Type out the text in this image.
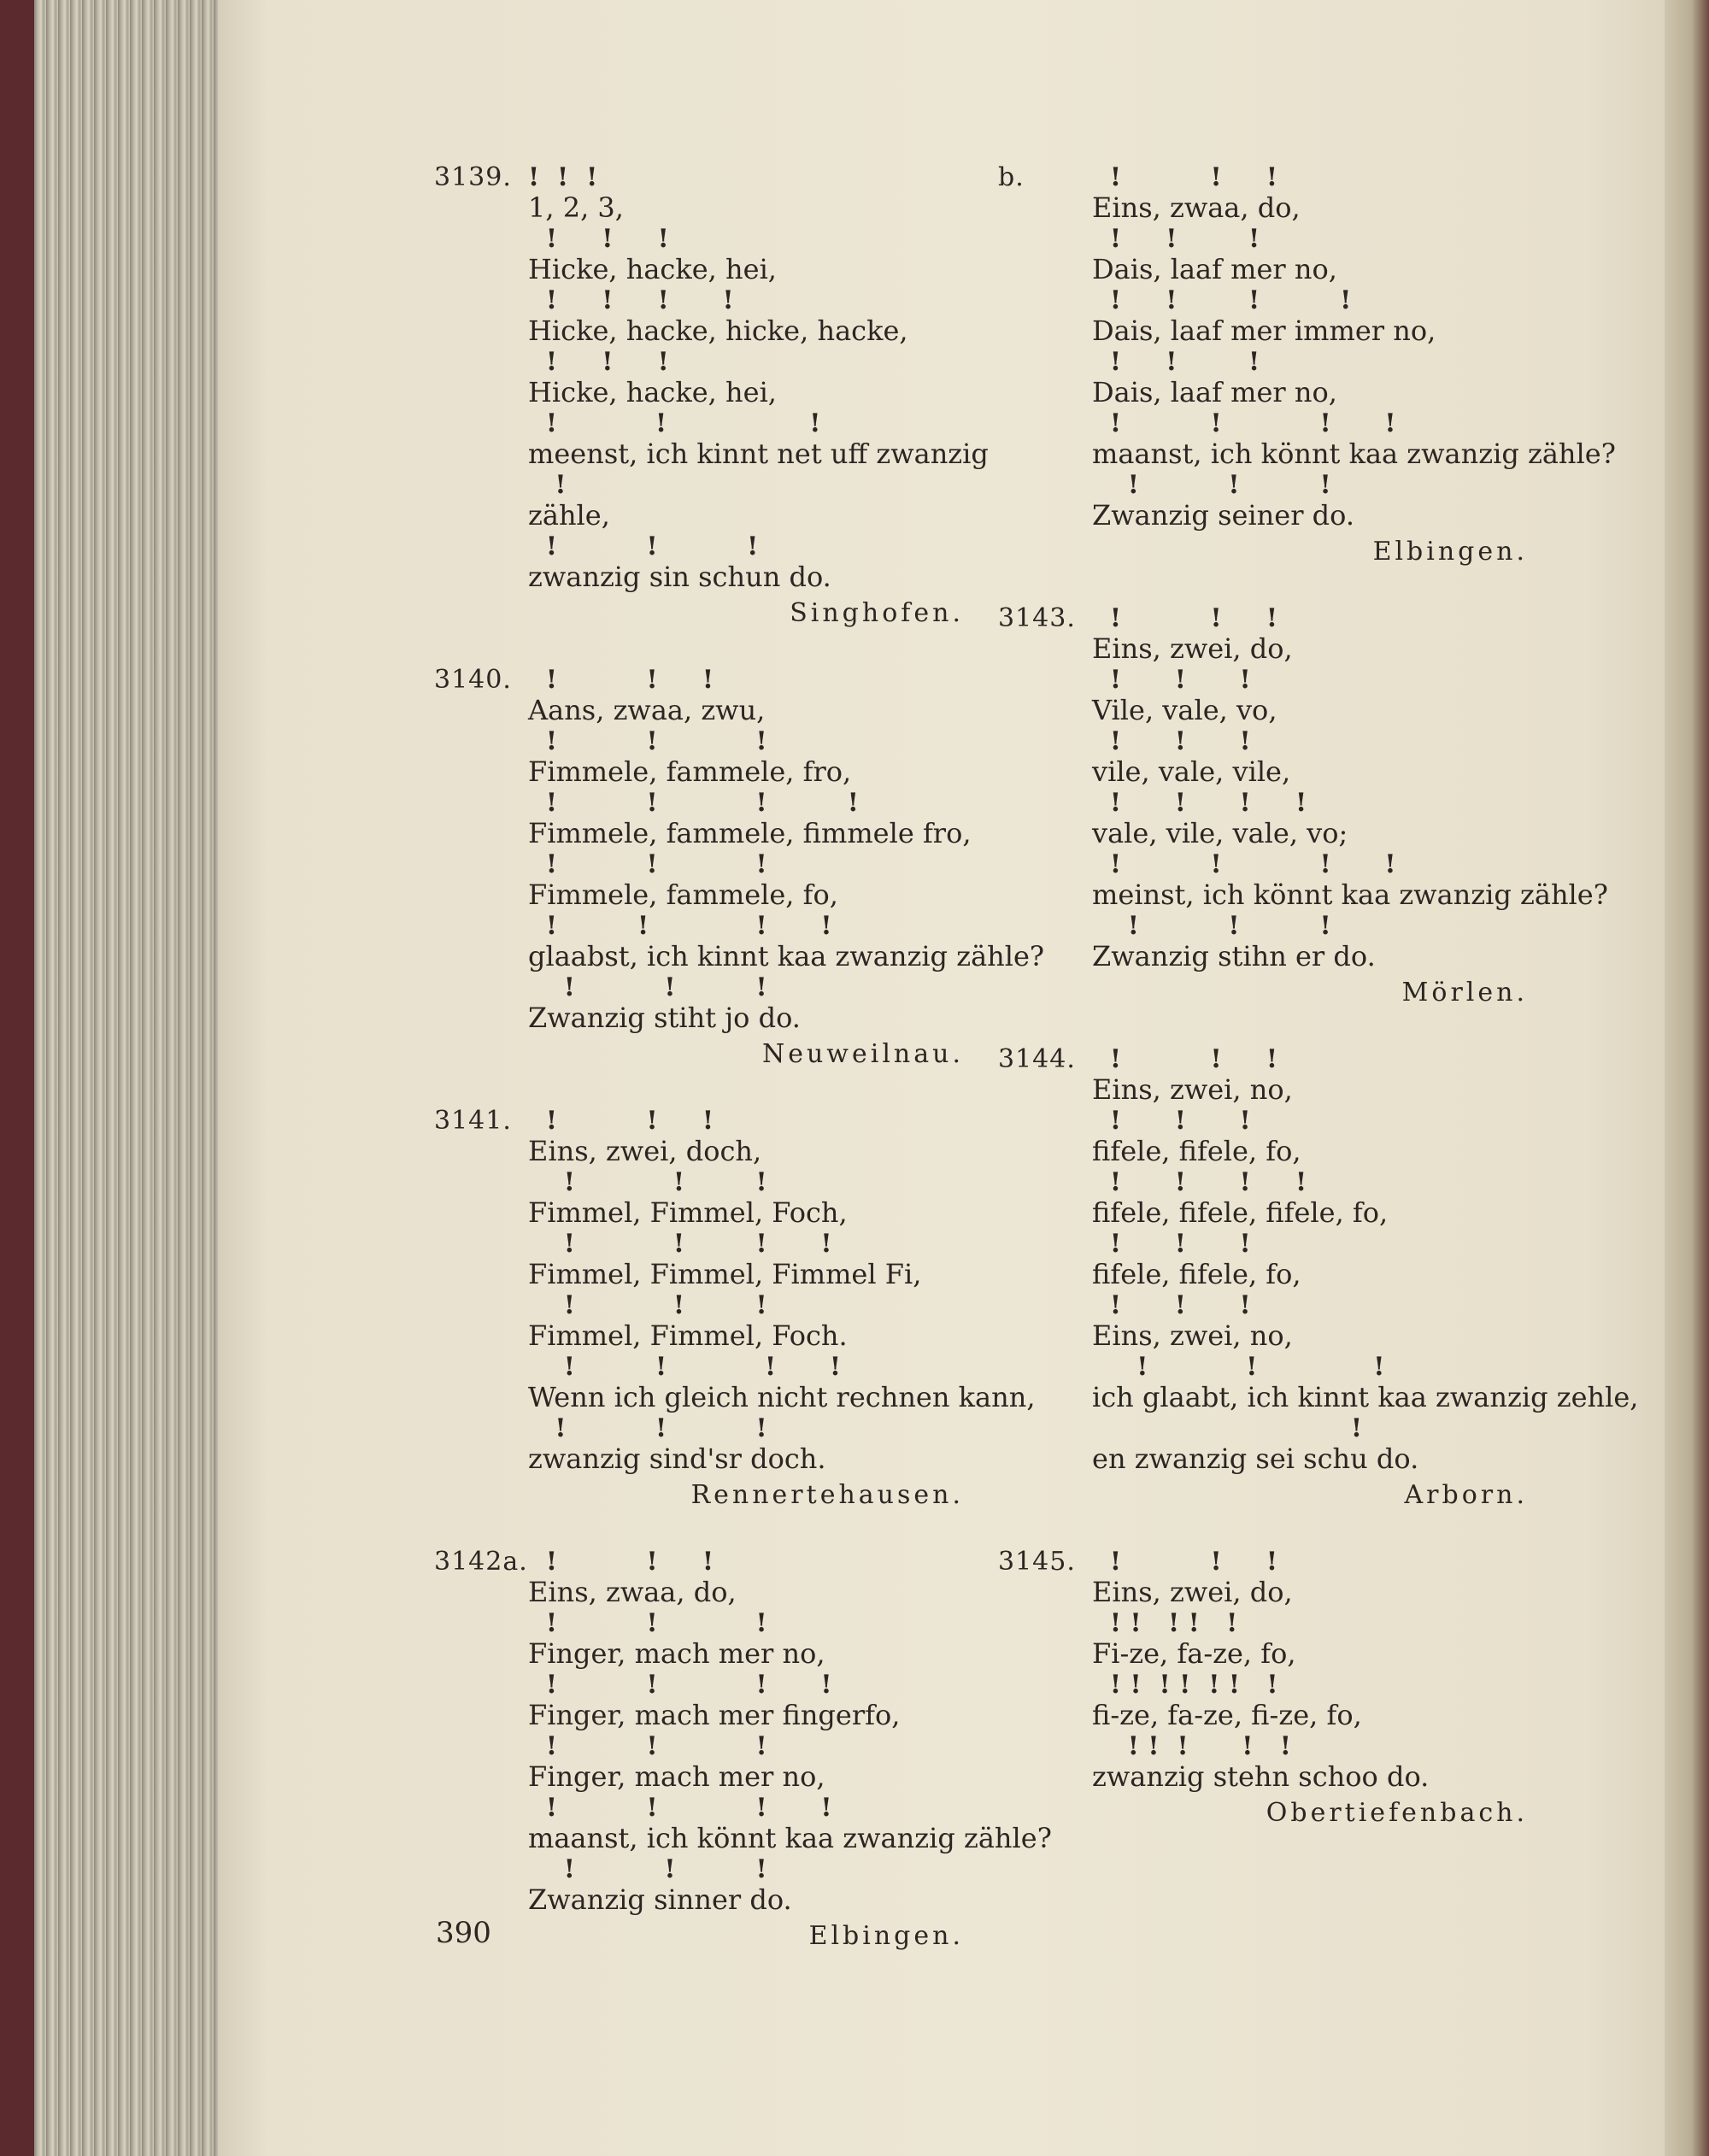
3139. !  !  !
1, 2, 3,
!     !     !
Hicke, hacke, hei,
!     !     !      !
Hicke, hacke, hicke, hacke,
!     !     !
Hicke, hacke, hei,
!           !                !
meenst, ich kinnt net uff zwanzig
!
zähle,
!          !          !
zwanzig sin schun do.
Singhofen.
3140. !          !     !
Aans, zwaa, zwu,
!          !           !
Fimmele, fammele, fro,
!          !           !         !
Fimmele, fammele, fimmele fro,
!          !           !
Fimmele, fammele, fo,
!         !            !      !
glaabst, ich kinnt kaa zwanzig zähle?
!          !         !
Zwanzig stiht jo do.
Neuweilnau.
3141. !          !     !
Eins, zwei, doch,
!           !        !
Fimmel, Fimmel, Foch,
!           !        !      !
Fimmel, Fimmel, Fimmel Fi,
!           !        !
Fimmel, Fimmel, Foch.
!         !           !      !
Wenn ich gleich nicht rechnen kann,
!          !          !
zwanzig sind'sr doch.
Rennertehausen.
3142a. !          !     !
Eins, zwaa, do,
!          !           !
Finger, mach mer no,
!          !           !      !
Finger, mach mer fingerfo,
!          !           !
Finger, mach mer no,
!          !           !      !
maanst, ich könnt kaa zwanzig zähle?
!          !         !
Zwanzig sinner do.
Elbingen.
b.	!          !     !
Eins, zwaa, do,
!     !        !
Dais, laaf mer no,
!     !        !         !
Dais, laaf mer immer no,
!     !        !
Dais, laaf mer no,
!          !           !      !
maanst, ich könnt kaa zwanzig zähle?
!          !         !
Zwanzig seiner do.
Elbingen.
3143. !          !     !
Eins, zwei, do,
!      !      !
Vile, vale, vo,
!      !      !
vile, vale, vile,
!      !      !     !
vale, vile, vale, vo;
!          !           !      !
meinst, ich könnt kaa zwanzig zähle?
!          !         !
Zwanzig stihn er do.
Mörlen.
3144. !          !     !
Eins, zwei, no,
!      !      !
fifele, fifele, fo,
!      !      !     !
fifele, fifele, fifele, fo,
!      !      !
fifele, fifele, fo,
!      !      !
Eins, zwei, no,
!           !             !
ich glaabt, ich kinnt kaa zwanzig zehle,
!
en zwanzig sei schu do.
Arborn.
3145. !          !     !
Eins, zwei, do,
! !   ! !   !
Fi-ze, fa-ze, fo,
! !  ! !  ! !   !
fi-ze, fa-ze, fi-ze, fo,
! !  !      !   !
zwanzig stehn schoo do.
Obertiefenbach.
390
